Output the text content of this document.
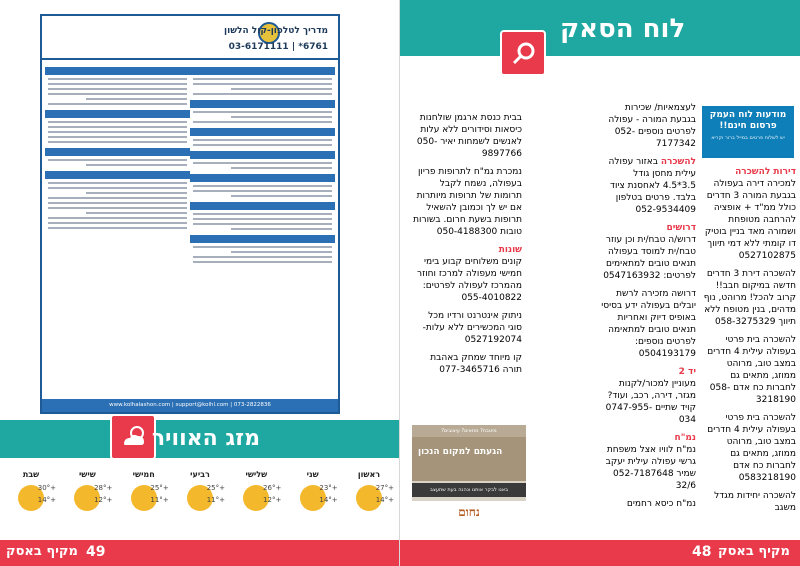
מדריך לטלפון-קול הלשון
03-6171111 | *6761
www.kolhalashon.com | support@kolhl.com | 073-2822836
מזג האוויר
ראשון
+27°
+14°
שני
+23°
+14°
שלישי
+26°
+12°
רביעי
+25°
+11°
חמישי
+25°
+11°
שישי
+28°
+12°
שבת
+30°
+14°
מקיף באסק 49
לוח הסאק
מודעות לוח העמק
פרסום חינם!!
יש לשלוח פרטים במייל ברור וקריא

דירות להשכרה
למכירה דירה בעפולה בגבעת המורה 3 חדרים כולל ממ"ד + אופציה להרחבה מטופחת ושמורה מאד בניין בוטיק דו קומתי ללא דמי תיווך 0527102875

להשכרה דירת 3 חדרים חדשה במיקום חבב!! קרוב להכל! מרוהט, נוף מדהים, בנין מטופח ללא תיווך 058-3275329

להשכרה בית פרטי בעפולה עילית 4 חדרים במצב טוב, מרוהט ממוזג, מתאים גם לחברות כח אדם 058-3218190

להשכרה בית פרטי בעפולה עילית 4 חדרים במצב טוב, מרוהט ממוזג, מתאים גם לחברות כח אדם 0583218190

להשכרה יחידות מגדל משגב

לעצמאיות/ שכירות בגבעת המורה - עפולה לפרטים נוספים 052-7177342

להשכרה באזור עפולה עילית מחסן גודל 3.5*4.5 לאחסנת ציוד בלבד. פרטים בטלפון 052-9534409

דרושים
דרוש/ה טבח/ית וכן עוזר טבח/ית למוסד בעפולה תנאים טובים למתאימים לפרטים: 0547163932

דרושה מזכירה לרשת יובלים בעפולה ידע בסיסי באופיס דיוק ואחריות תנאים טובים למתאימה לפרטים נוספים: 0504193179

יד 2
מעוניין למכור/לקנות מגזר, דירה, רכב, ועוד? קויד שתיים 0747-955-034

נמ"ח
נמ"ח לוויו אצל משפחת גרשי עפולה עילית יעקב שמיר 052-7187648 32/6

נמ"ח כיסא רחמים

בבית כנסת ארגמן שולחנות כיסאות וסידורים ללא עלות לאנשים לשמחות יאיר 050-9897766

נמכרת גמ"ח לתרופות פריון בעפולה, נשמח לקבל תרומות של תרופות מיותרות אם יש לך וכמובן להשאיל תרופות בשעת חרום. בשורות טובות 050-4188300

שונות
קונים משלוחים קבוע בימי חמישי מעפולה למרכז וחוזר מהמרכז לעפולה לפרטים: 055-4010822

ניתוק אינטרנט ורדיו מכל סוגי המכשירים ללא עלות- 0527192074

קו מיוחד שמחק באהבת תורה 077-3465716

מיטבח? מתאים? עיצובים?
הגעתם למקום הנכון
באנו לבקר אותנו ונהנה בעת שתעצב
נחום
48 מקיף באסק
